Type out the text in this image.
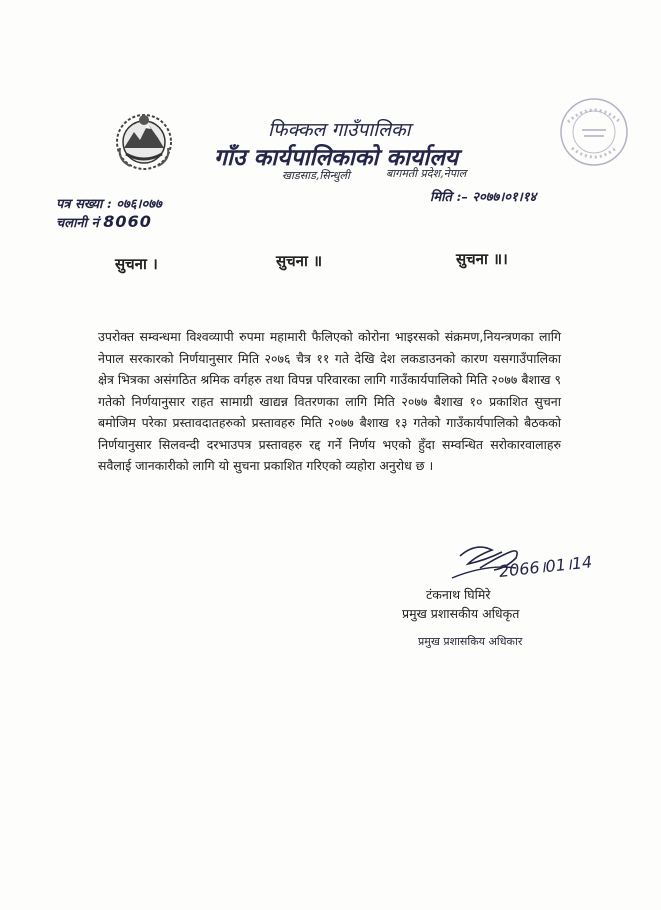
फिक्कल गाउँपालिका
गाँउ कार्यपालिकाको कार्यालय
खाडसाड,सिन्धुली	बागमती प्रदेश,नेपाल
पत्र सख्या : ०७६।०७७
चलानी नं 8060
मिति :– २०७७।०१।१४
सुचना ।	सुचना ॥	सुचना ॥।
उपरोक्त सम्वन्धमा विश्वव्यापी रुपमा महामारी फैलिएको कोरोना भाइरसको संक्रमण,नियन्त्रणका लागि नेपाल सरकारको निर्णयानुसार मिति २०७६ चैत्र ११ गते देखि देश लकडाउनको कारण यसगाउँपालिका क्षेत्र भित्रका असंगठित श्रमिक वर्गहरु तथा विपन्न परिवारका लागि गाउँकार्यपालिको मिति २०७७ बैशाख ९ गतेको निर्णयानुसार राहत सामाग्री खाद्यन्न वितरणका लागि मिति २०७७ बैशाख १० प्रकाशित सुचना बमोजिम परेका प्रस्तावदातहरुको प्रस्तावहरु मिति २०७७ बैशाख १३ गतेको गाउँकार्यपालिको बैठकको निर्णयानुसार सिलवन्दी दरभाउपत्र प्रस्तावहरु रद्द गर्ने निर्णय भएको हुँदा सम्वन्धित सरोकारवालाहरु सवैलाई जानकारीको लागि यो सुचना प्रकाशित गरिएको व्यहोरा अनुरोध छ ।
2066।01।14
टंकनाथ घिमिरे
प्रमुख प्रशासकीय अधिकृत
प्रमुख प्रशासकिय अधिकार
